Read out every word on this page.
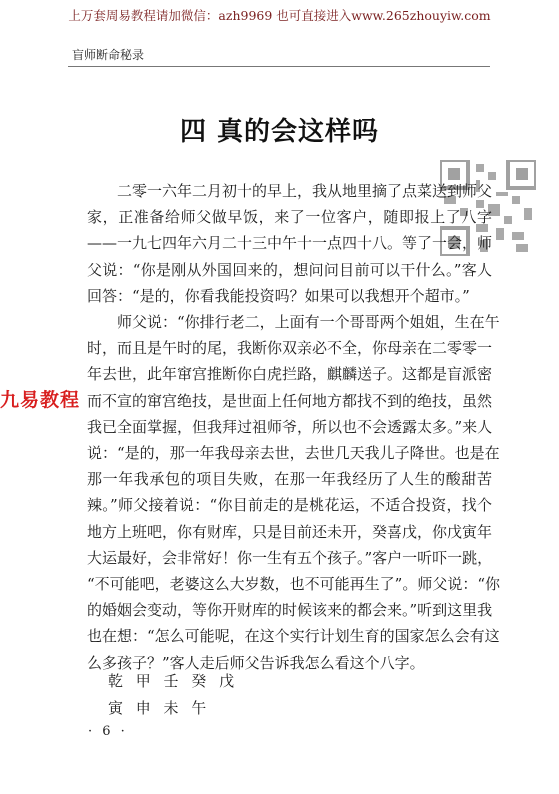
上万套周易教程请加微信：azh9969 也可直接进入www.265zhouyiw.com
盲师断命秘录
四 真的会这样吗
　　二零一六年二月初十的早上，我从地里摘了点菜送到师父
家，正准备给师父做早饭，来了一位客户，随即报上了八字
——一九七四年六月二十三中午十一点四十八。等了一会，师
父说：“你是刚从外国回来的，想问问目前可以干什么。”客人
回答：“是的，你看我能投资吗？如果可以我想开个超市。”
　　师父说：“你排行老二，上面有一个哥哥两个姐姐，生在午
时，而且是午时的尾，我断你双亲必不全，你母亲在二零零一
年去世，此年窜宫推断你白虎拦路，麒麟送子。这都是盲派密
而不宣的窜宫绝技，是世面上任何地方都找不到的绝技，虽然
我已全面掌握，但我拜过祖师爷，所以也不会透露太多。”来人
说：“是的，那一年我母亲去世，去世几天我儿子降世。也是在
那一年我承包的项目失败，在那一年我经历了人生的酸甜苦
辣。”师父接着说：“你目前走的是桃花运，不适合投资，找个
地方上班吧，你有财库，只是目前还未开，癸喜戊，你戊寅年
大运最好，会非常好！你一生有五个孩子。”客户一听吓一跳，
“不可能吧，老婆这么大岁数，也不可能再生了”。师父说：“你
的婚姻会变动，等你开财库的时候该来的都会来。”听到这里我
也在想：“怎么可能呢，在这个实行计划生育的国家怎么会有这
么多孩子？”客人走后师父告诉我怎么看这个八字。
九易教程
乾 甲 壬 癸 戊
寅 申 未 午
· 6 ·
